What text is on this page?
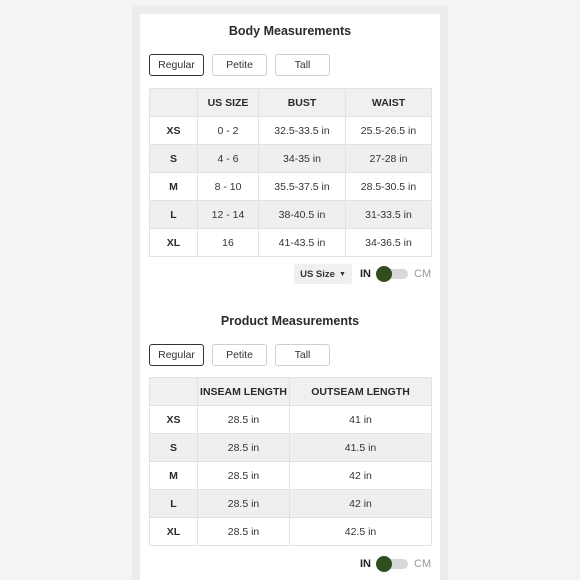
Body Measurements
Regular	Petite	Tall
	US SIZE	BUST	WAIST
XS	0 - 2	32.5-33.5 in	25.5-26.5 in
S	4 - 6	34-35 in	27-28 in
M	8 - 10	35.5-37.5 in	28.5-30.5 in
L	12 - 14	38-40.5 in	31-33.5 in
XL	16	41-43.5 in	34-36.5 in
US Size ▼ IN	CM
Product Measurements
Regular	Petite	Tall
	INSEAM LENGTH	OUTSEAM LENGTH
XS	28.5 in	41 in
S	28.5 in	41.5 in
M	28.5 in	42 in
L	28.5 in	42 in
XL	28.5 in	42.5 in
IN	CM
